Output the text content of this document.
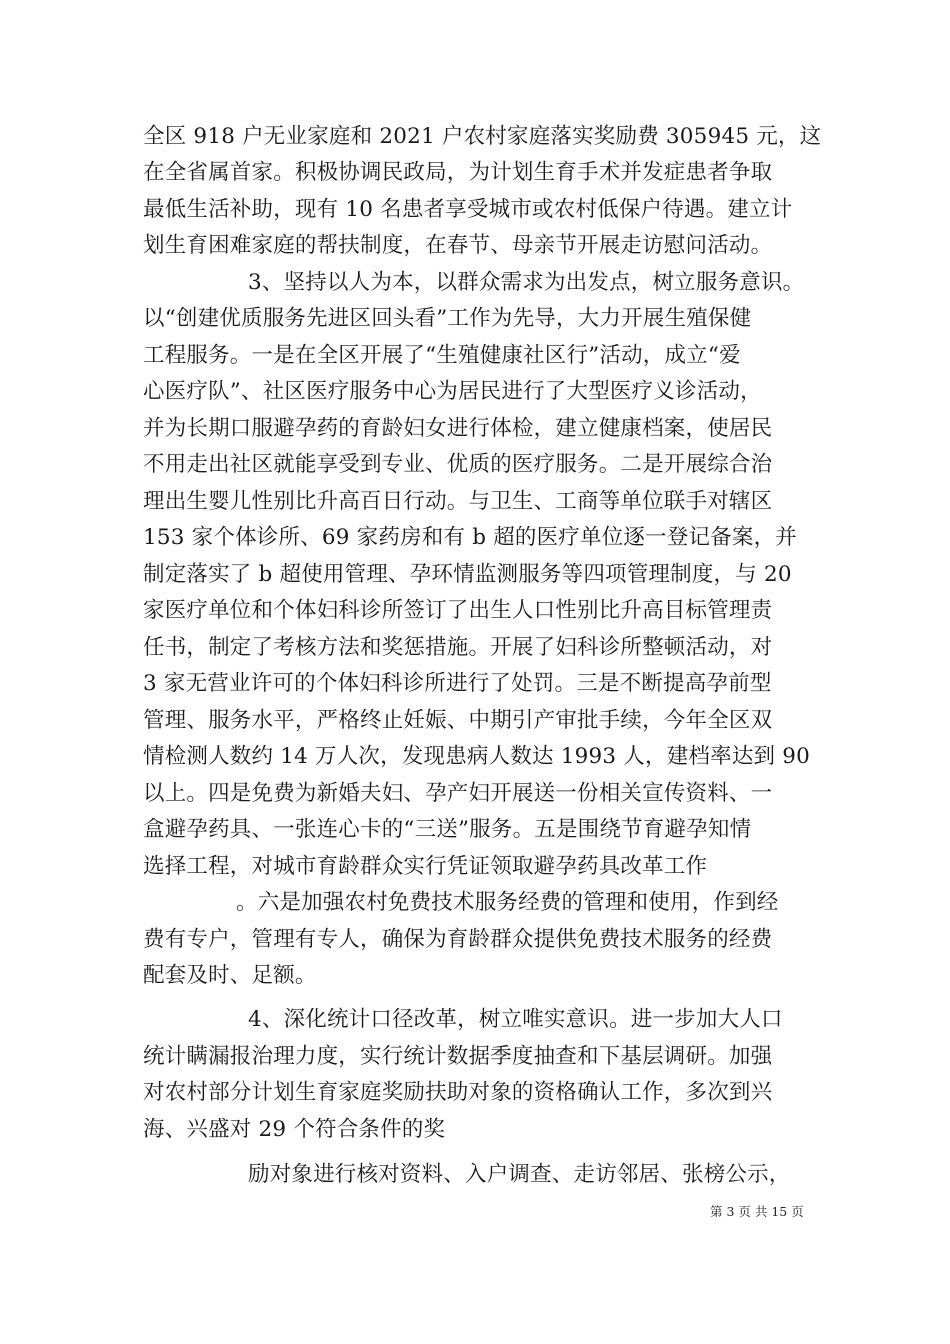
全区 918 户无业家庭和 2021 户农村家庭落实奖励费 305945 元，这
在全省属首家。积极协调民政局，为计划生育手术并发症患者争取
最低生活补助，现有 10 名患者享受城市或农村低保户待遇。建立计
划生育困难家庭的帮扶制度，在春节、母亲节开展走访慰问活动。
3、坚持以人为本，以群众需求为出发点，树立服务意识。
以“创建优质服务先进区回头看”工作为先导，大力开展生殖保健
工程服务。一是在全区开展了“生殖健康社区行”活动，成立“爱
心医疗队”、社区医疗服务中心为居民进行了大型医疗义诊活动，
并为长期口服避孕药的育龄妇女进行体检，建立健康档案，使居民
不用走出社区就能享受到专业、优质的医疗服务。二是开展综合治
理出生婴儿性别比升高百日行动。与卫生、工商等单位联手对辖区
153 家个体诊所、69 家药房和有 b 超的医疗单位逐一登记备案，并
制定落实了 b 超使用管理、孕环情监测服务等四项管理制度，与 20
家医疗单位和个体妇科诊所签订了出生人口性别比升高目标管理责
任书，制定了考核方法和奖惩措施。开展了妇科诊所整顿活动，对
3 家无营业许可的个体妇科诊所进行了处罚。三是不断提高孕前型
管理、服务水平，严格终止妊娠、中期引产审批手续，今年全区双
情检测人数约 14 万人次，发现患病人数达 1993 人，建档率达到 90
以上。四是免费为新婚夫妇、孕产妇开展送一份相关宣传资料、一
盒避孕药具、一张连心卡的“三送”服务。五是围绕节育避孕知情
选择工程，对城市育龄群众实行凭证领取避孕药具改革工作
。六是加强农村免费技术服务经费的管理和使用，作到经
费有专户，管理有专人，确保为育龄群众提供免费技术服务的经费
配套及时、足额。
4、深化统计口径改革，树立唯实意识。进一步加大人口
统计瞒漏报治理力度，实行统计数据季度抽查和下基层调研。加强
对农村部分计划生育家庭奖励扶助对象的资格确认工作，多次到兴
海、兴盛对 29 个符合条件的奖
励对象进行核对资料、入户调查、走访邻居、张榜公示，
第 3 页 共 15 页
